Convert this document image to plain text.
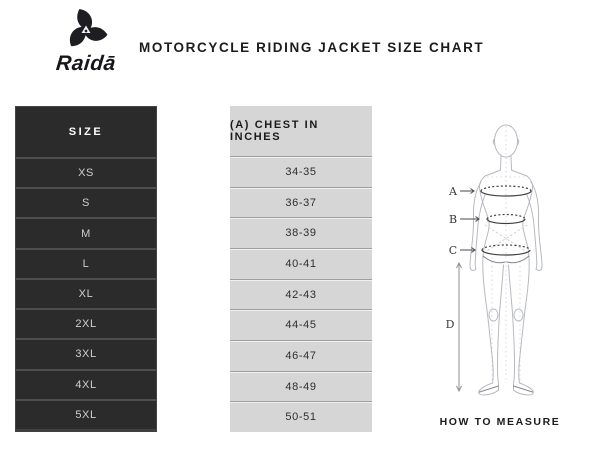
Raidā
MOTORCYCLE RIDING JACKET SIZE CHART
SIZE
XS
S
M
L
XL
2XL
3XL
4XL
5XL
(A) CHEST IN INCHES
34-35
36-37
38-39
40-41
42-43
44-45
46-47
48-49
50-51
A
B
C
D
HOW TO MEASURE
